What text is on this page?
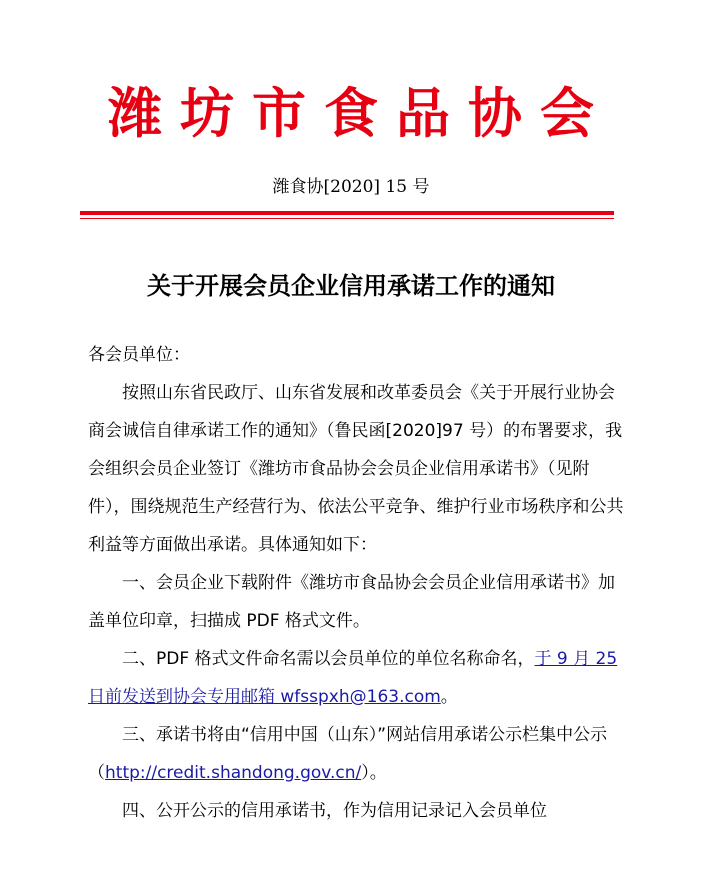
潍坊市食品协会
潍食协[2020] 15 号
关于开展会员企业信用承诺工作的通知

各会员单位：

按照山东省民政厅、山东省发展和改革委员会《关于开展行业协会商会诚信自律承诺工作的通知》（鲁民函[2020]97 号）的布署要求，我会组织会员企业签订《潍坊市食品协会会员企业信用承诺书》（见附件），围绕规范生产经营行为、依法公平竞争、维护行业市场秩序和公共利益等方面做出承诺。具体通知如下：

一、会员企业下载附件《潍坊市食品协会会员企业信用承诺书》加盖单位印章，扫描成 PDF 格式文件。

二、PDF 格式文件命名需以会员单位的单位名称命名，于 9 月 25 日前发送到协会专用邮箱 wfsspxh@163.com。

三、承诺书将由“信用中国（山东）”网站信用承诺公示栏集中公示（http://credit.shandong.gov.cn/）。

四、公开公示的信用承诺书，作为信用记录记入会员单位
